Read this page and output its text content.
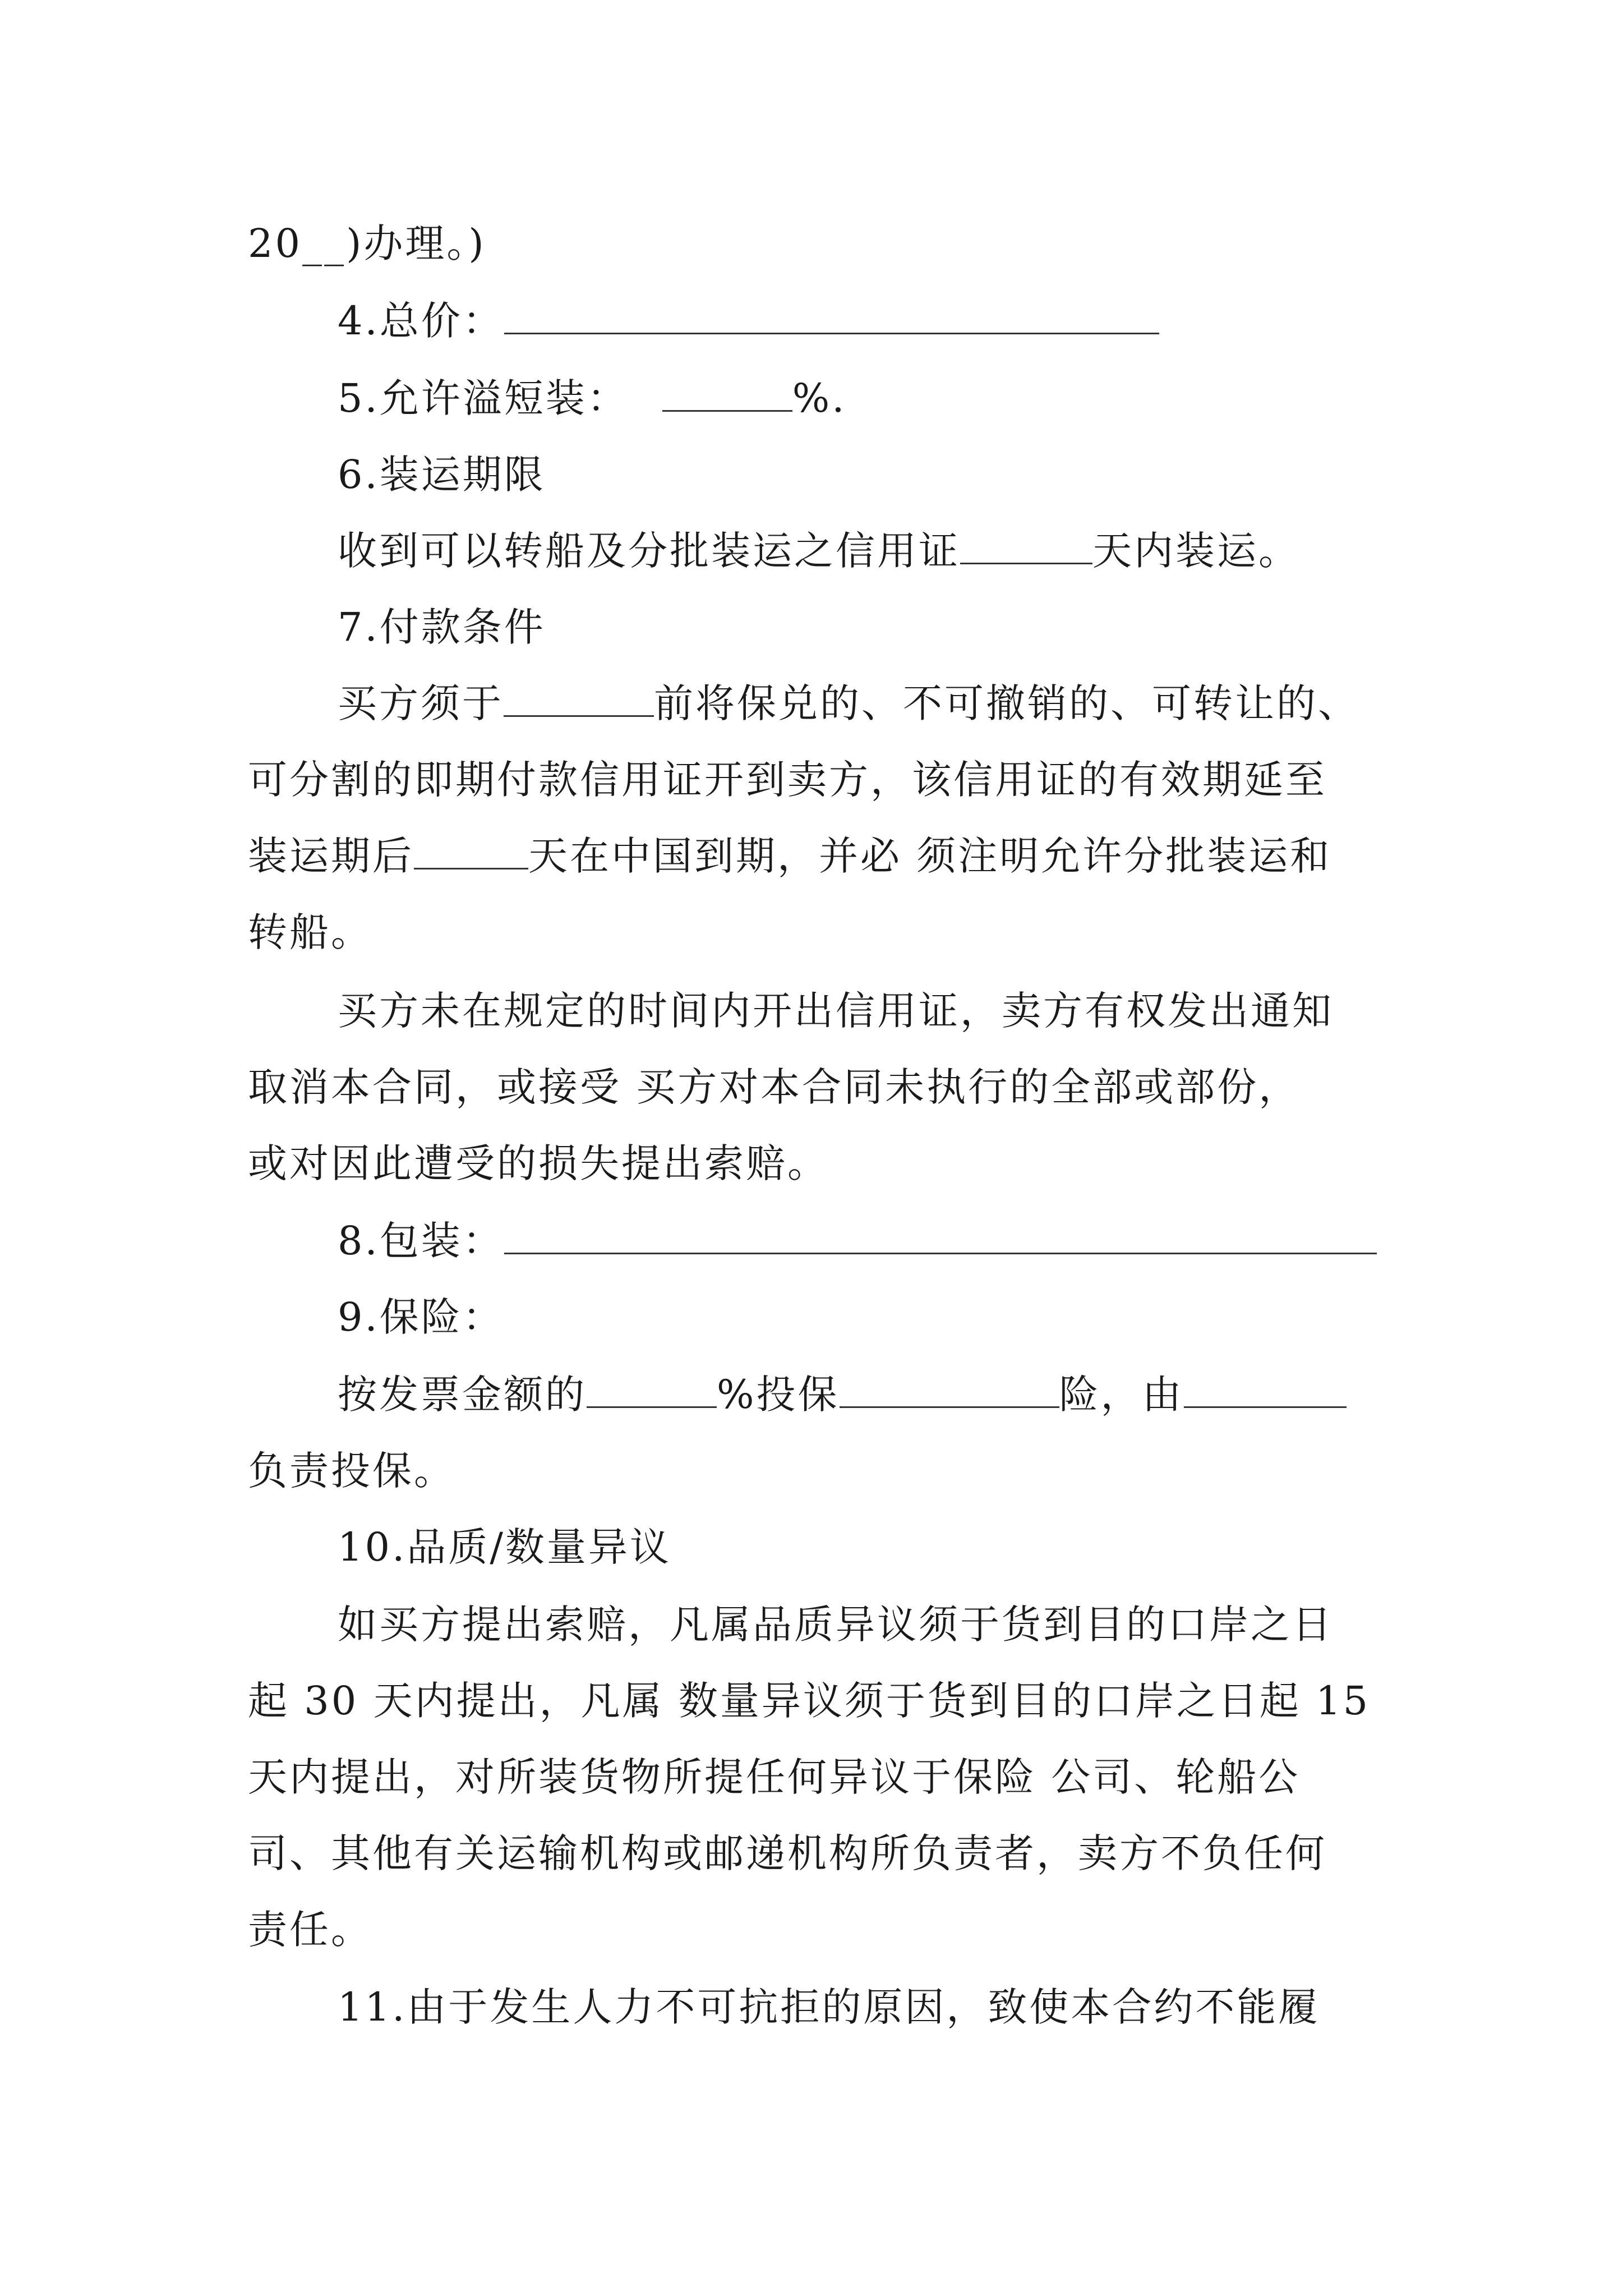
20__)办理。)
4.总价：
5.允许溢短装：	%.
6.装运期限
收到可以转船及分批装运之信用证	天内装运。
7.付款条件
买方须于	前将保兑的、不可撤销的、可转让的、
可分割的即期付款信用证开到卖方，该信用证的有效期延至
装运期后	天在中国到期，并必 须注明允许分批装运和
转船。
买方未在规定的时间内开出信用证，卖方有权发出通知
取消本合同，或接受 买方对本合同未执行的全部或部份，
或对因此遭受的损失提出索赔。
8.包装：
9.保险：
按发票金额的	%投保	险，由
负责投保。
10.品质/数量异议
如买方提出索赔，凡属品质异议须于货到目的口岸之日
起 30 天内提出，凡属 数量异议须于货到目的口岸之日起 15
天内提出，对所装货物所提任何异议于保险 公司、轮船公
司、其他有关运输机构或邮递机构所负责者，卖方不负任何
责任。
11.由于发生人力不可抗拒的原因，致使本合约不能履
